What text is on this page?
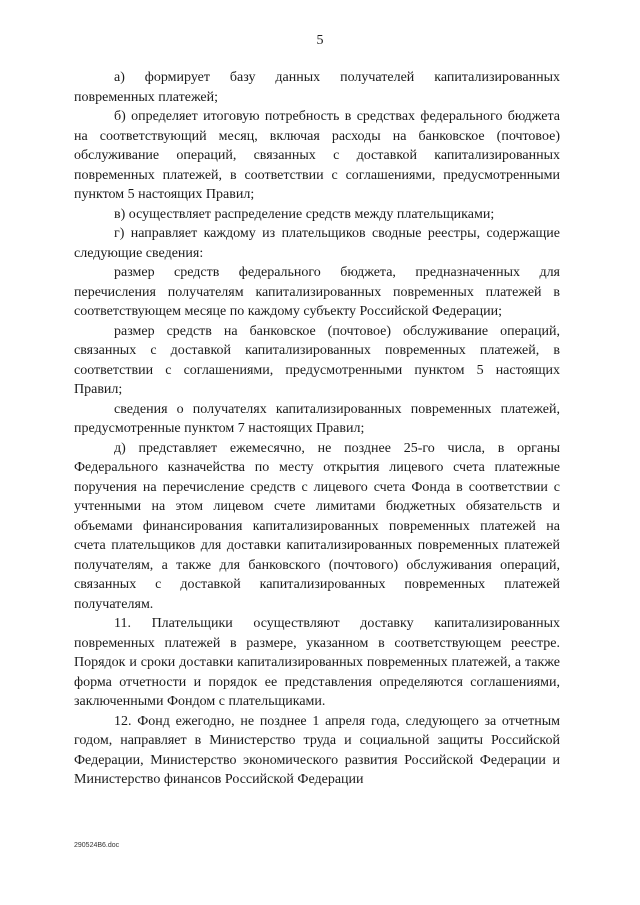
5

а) формирует базу данных получателей капитализированных повременных платежей;

б) определяет итоговую потребность в средствах федерального бюджета на соответствующий месяц, включая расходы на банковское (почтовое) обслуживание операций, связанных с доставкой капитализированных повременных платежей, в соответствии с соглашениями, предусмотренными пунктом 5 настоящих Правил;

в) осуществляет распределение средств между плательщиками;

г) направляет каждому из плательщиков сводные реестры, содержащие следующие сведения:

размер средств федерального бюджета, предназначенных для перечисления получателям капитализированных повременных платежей в соответствующем месяце по каждому субъекту Российской Федерации;

размер средств на банковское (почтовое) обслуживание операций, связанных с доставкой капитализированных повременных платежей, в соответствии с соглашениями, предусмотренными пунктом 5 настоящих Правил;

сведения о получателях капитализированных повременных платежей, предусмотренные пунктом 7 настоящих Правил;

д) представляет ежемесячно, не позднее 25-го числа, в органы Федерального казначейства по месту открытия лицевого счета платежные поручения на перечисление средств с лицевого счета Фонда в соответствии с учтенными на этом лицевом счете лимитами бюджетных обязательств и объемами финансирования капитализированных повременных платежей на счета плательщиков для доставки капитализированных повременных платежей получателям, а также для банковского (почтового) обслуживания операций, связанных с доставкой капитализированных повременных платежей получателям.

11. Плательщики осуществляют доставку капитализированных повременных платежей в размере, указанном в соответствующем реестре. Порядок и сроки доставки капитализированных повременных платежей, а также форма отчетности и порядок ее представления определяются соглашениями, заключенными Фондом с плательщиками.

12. Фонд ежегодно, не позднее 1 апреля года, следующего за отчетным годом, направляет в Министерство труда и социальной защиты Российской Федерации, Министерство экономического развития Российской Федерации и Министерство финансов Российской Федерации

290524В6.doc
